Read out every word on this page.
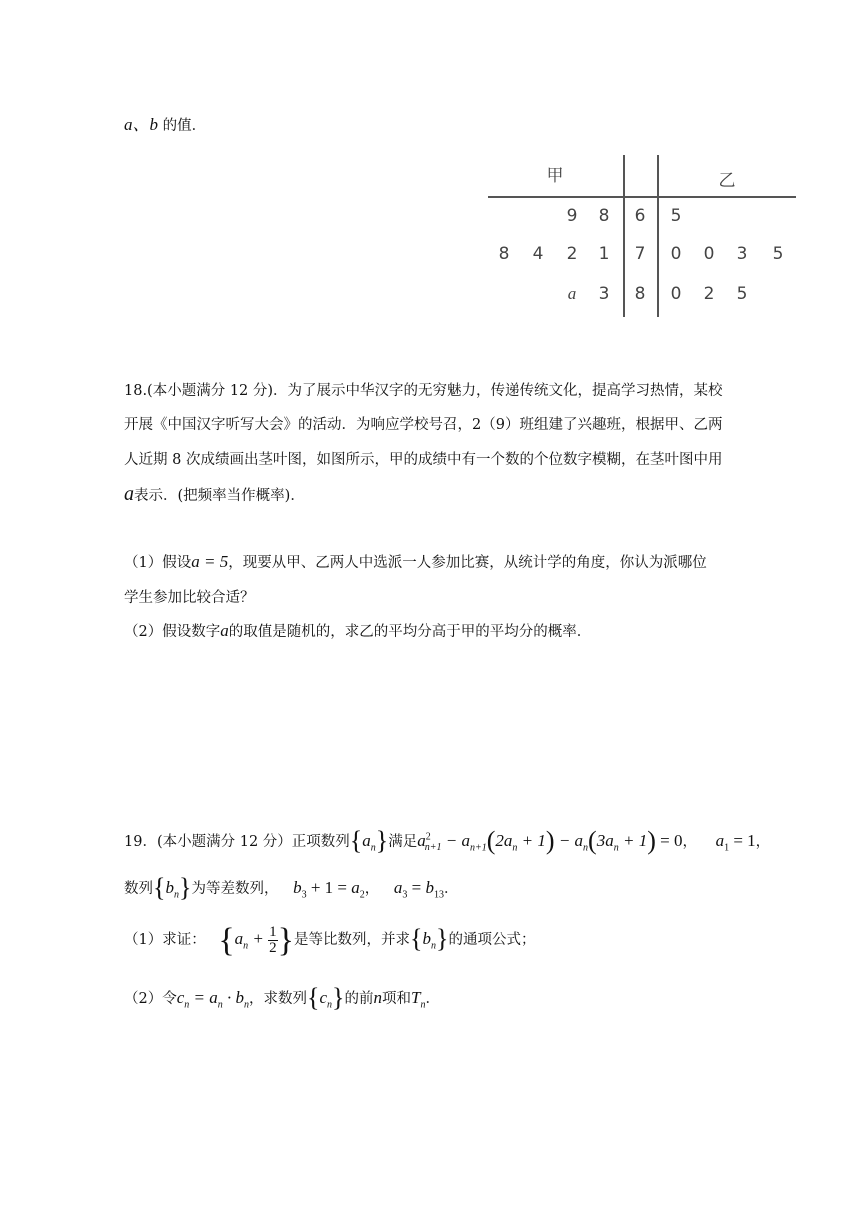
a、b 的值．
甲	乙
9 8 6 5
8 4 2 1 7 0 0 3 5
a	3 8 0 2 5
18.(本小题满分 12 分)．为了展示中华汉字的无穷魅力，传递传统文化，提高学习热情，某校
开展《中国汉字听写大会》的活动．为响应学校号召，2（9）班组建了兴趣班，根据甲、乙两
人近期 8 次成绩画出茎叶图，如图所示，甲的成绩中有一个数的个位数字模糊，在茎叶图中用
a表示．(把频率当作概率)．
（1）假设a = 5，现要从甲、乙两人中选派一人参加比赛，从统计学的角度，你认为派哪位
学生参加比较合适？
（2）假设数字a的取值是随机的，求乙的平均分高于甲的平均分的概率．
19．(本小题满分 12 分）正项数列$\{a_n\}$满足$a^2_{n+1} - a_{n+1}(2a_n + 1) - a_n(3a_n + 1) = 0$， $a_1 = 1$，
数列$\{b_n\}$为等差数列， $b_3 + 1 = a_2$， $a_3 = b_{13}$．
（1）求证： {$a_n + \frac{1}{2}$ }是等比数列，并求$\{b_n\}$的通项公式；
（2）令$c_n = a_n \cdot b_n$，求数列$\{c_n\}$的前n项和$T_n$．
